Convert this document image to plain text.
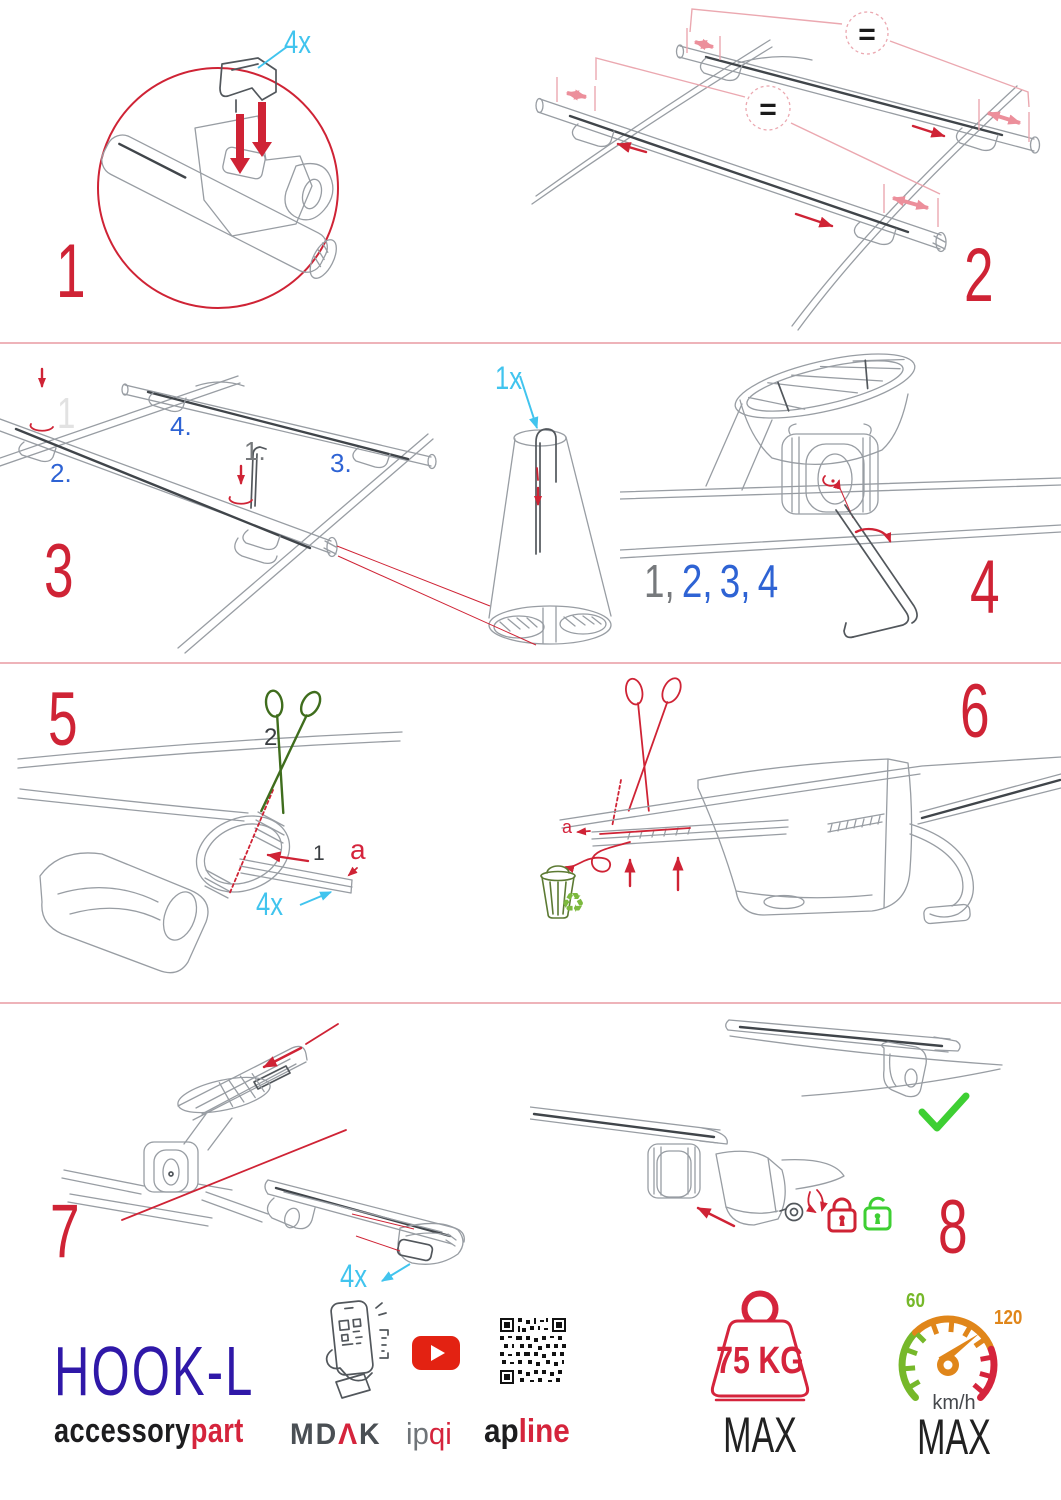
4x
1
=
=
2
1x
1
2.
4.
1. 3.
3	1, 2, 3, 4	4
2
1 a
4x
5
a
♻
6
4x
7	8
HOOK-L
accessorypart MDΛK ipqi apline
75 KG
MAX
60
120
km/h
MAX
